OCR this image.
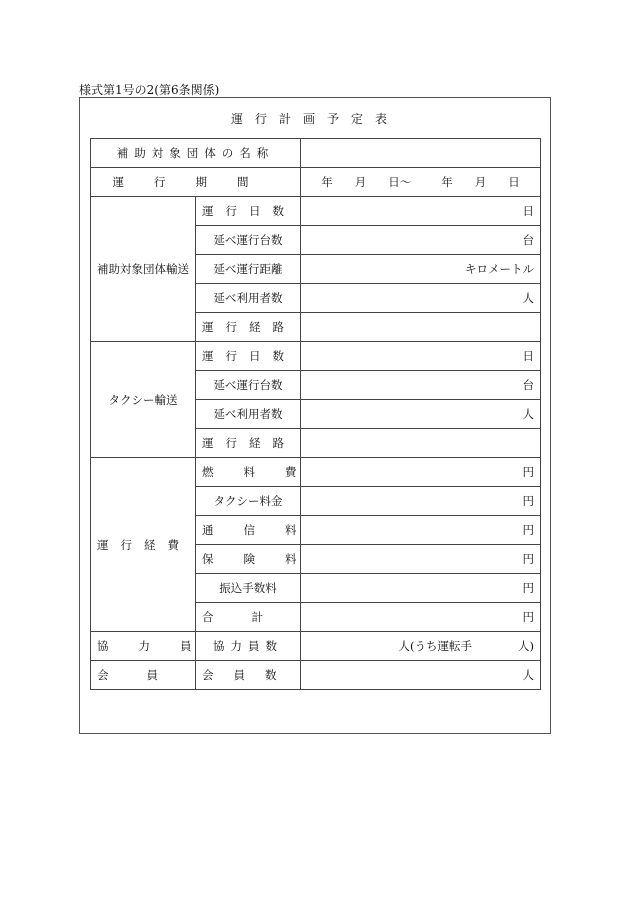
様式第1号の2(第6条関係)
運行計画予定表
補助対象団体の名称		
運行期間		年 月 日〜 年 月 日
補助対象団体輸送	運行日数	日
	延べ運行台数	台
	延べ運行距離	キロメートル
	延べ利用者数	人
	運行経路	
タクシー輸送	運行日数	日
	延べ運行台数	台
	延べ利用者数	人
	運行経路	
運行経費	燃料費	円
	タクシー料金	円
	通信料	円
	保険料	円
	振込手数料	円
	合計	円
協力員	協力員数	人(うち運転手　　　　人)
会員	会員数	人
